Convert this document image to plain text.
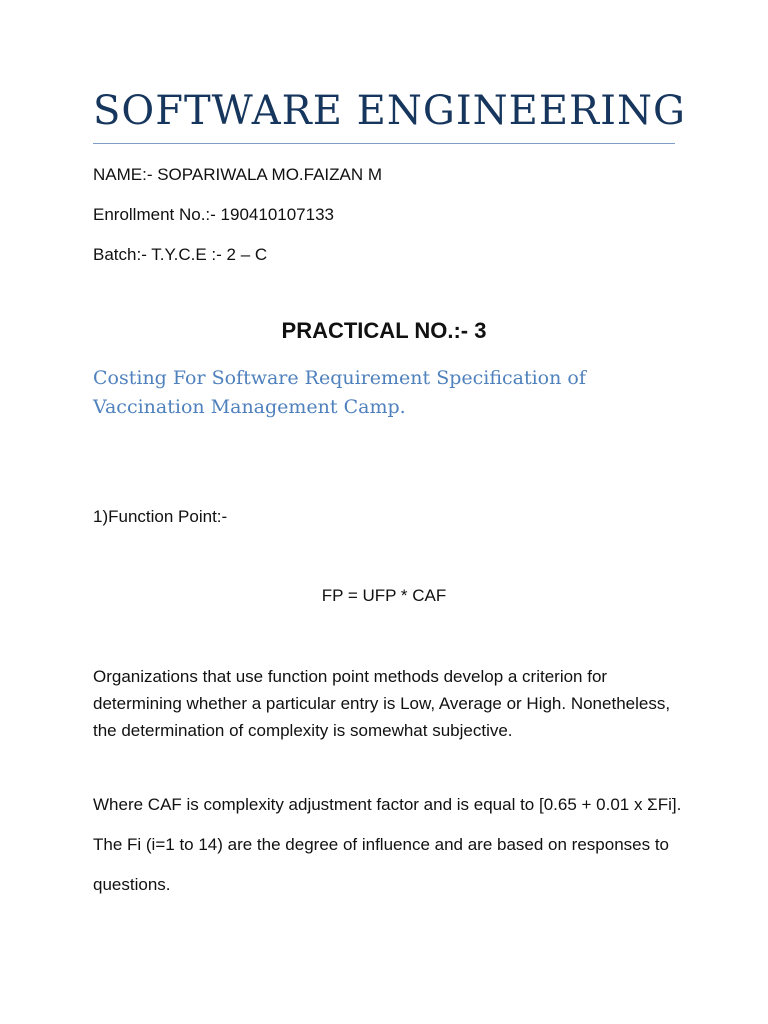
SOFTWARE ENGINEERING
NAME:- SOPARIWALA MO.FAIZAN M
Enrollment No.:- 190410107133
Batch:- T.Y.C.E :- 2 – C
PRACTICAL NO.:- 3
Costing For Software Requirement Specification of Vaccination Management Camp.
1)Function Point:-
FP = UFP * CAF
Organizations that use function point methods develop a criterion for determining whether a particular entry is Low, Average or High. Nonetheless, the determination of complexity is somewhat subjective.
Where CAF is complexity adjustment factor and is equal to [0.65 + 0.01 x ΣFi]. The Fi (i=1 to 14) are the degree of influence and are based on responses to questions.
